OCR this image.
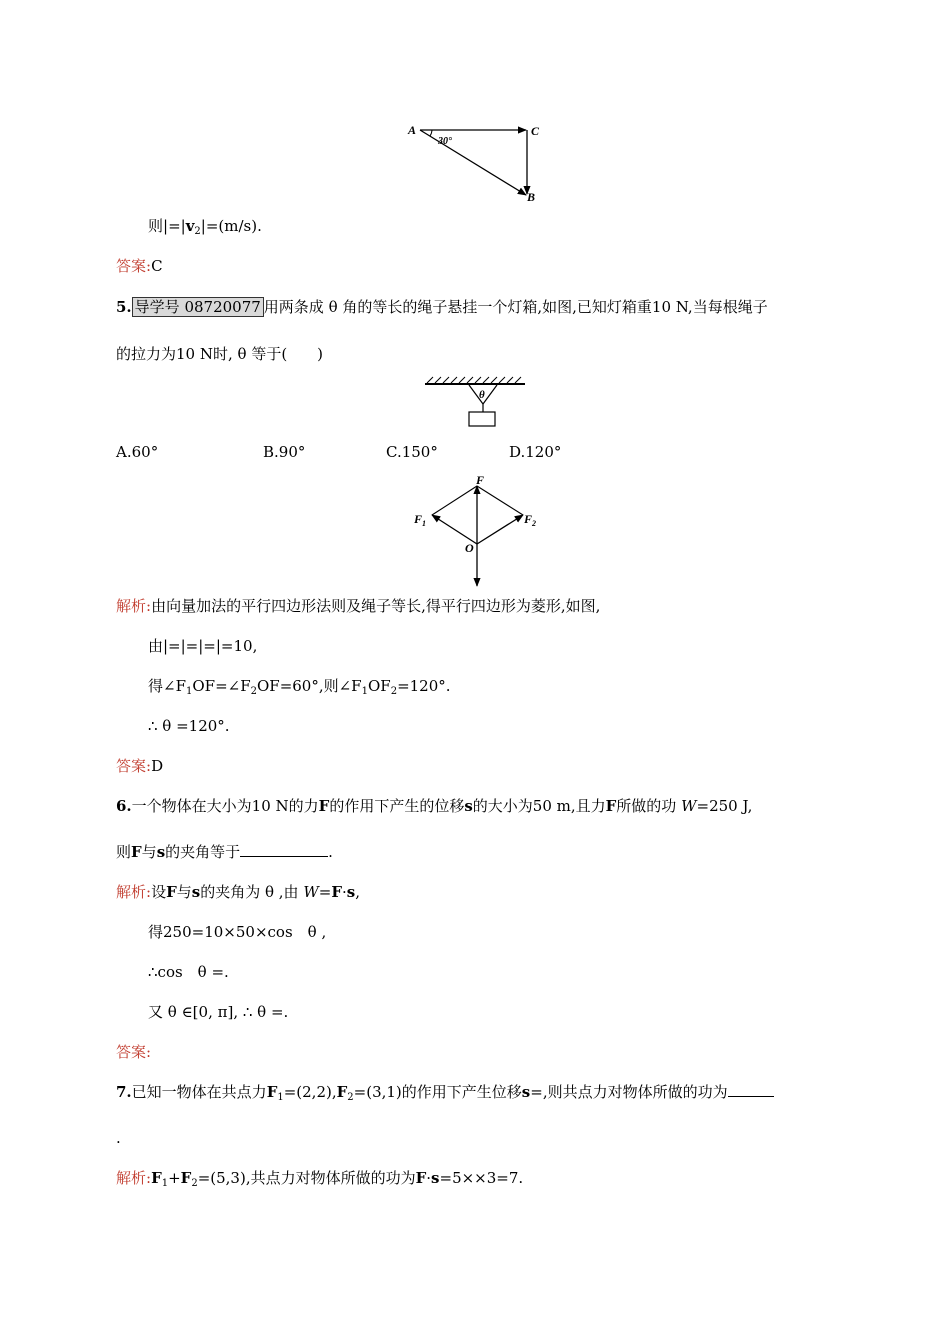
A	C
B
30°
则$|=|v_2|=(m/s)$.
答案:C
5. 导学号 08720077 用两条成 θ 角的等长的绳子悬挂一个灯箱,如图,已知灯箱重10 N,当每根绳子
的拉力为10 N时, θ 等于(　　)
θ
A.60°	B.90°	C.150°	D.120°
F
$F_1$	$F_2$
O
解析:由向量加法的平行四边形法则及绳子等长,得平行四边形为菱形,如图,
由|=|=|=|=10,
得$\angle F_1OF=\angle F_2OF=60^\circ$,则$\angle F_1OF_2=120^\circ$.
∴ θ =120°.
答案:D
6.一个物体在大小为10 N的力F的作用下产生的位移s的大小为50 m,且力F所做的功 W=250 J,
则F与s的夹角等于	.
解析:设F与s的夹角为 θ ,由 W=F·s,
得250=10×50×cos　θ ,
∴cos　θ =.
又 θ ∈[0, π], ∴ θ =.
答案:
7.已知一物体在共点力$F_1=(2,2),F_2=(3,1)$的作用下产生位移s=,则共点力对物体所做的功为
.
解析$:F_1+F_2=(5,3)$,共点力对物体所做的功为F·s=5××3=7.
